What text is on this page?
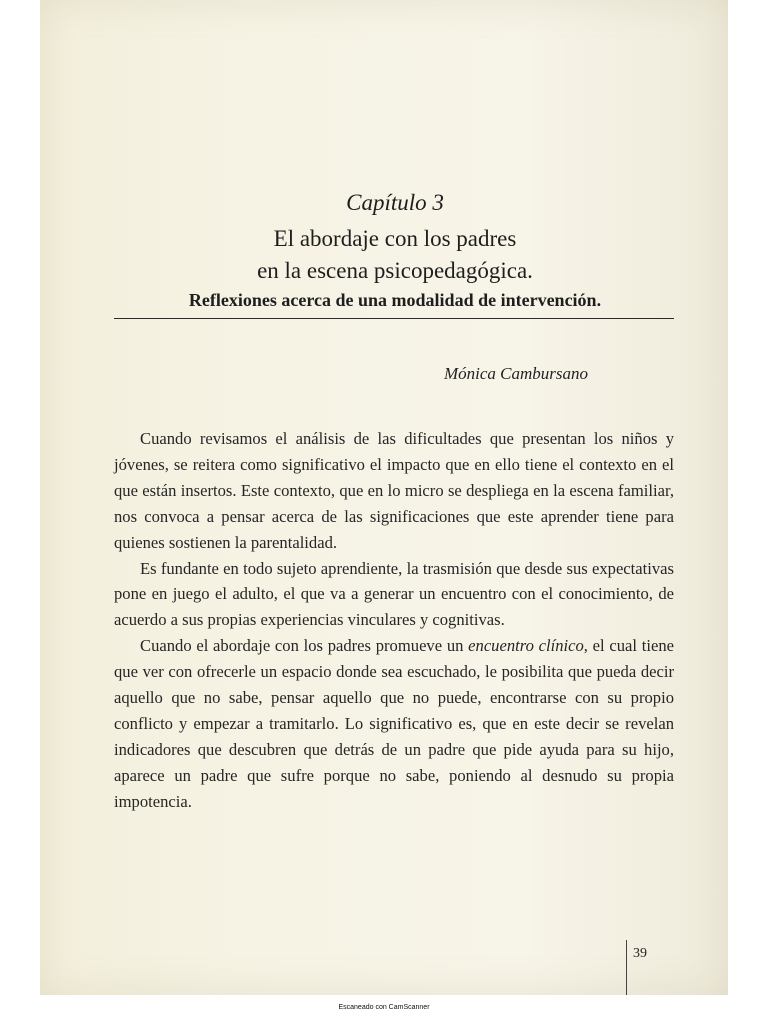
Capítulo 3
El abordaje con los padres
en la escena psicopedagógica.
Reflexiones acerca de una modalidad de intervención.
Mónica Cambursano

Cuando revisamos el análisis de las dificultades que presentan los niños y jóvenes, se reitera como significativo el impacto que en ello tiene el contexto en el que están insertos. Este contexto, que en lo micro se despliega en la escena familiar, nos convoca a pensar acerca de las significaciones que este aprender tiene para quienes sostienen la parentalidad.

Es fundante en todo sujeto aprendiente, la trasmisión que desde sus expectativas pone en juego el adulto, el que va a generar un encuentro con el conocimiento, de acuerdo a sus propias experiencias vinculares y cognitivas.

Cuando el abordaje con los padres promueve un encuentro clínico, el cual tiene que ver con ofrecerle un espacio donde sea escuchado, le posibilita que pueda decir aquello que no sabe, pensar aquello que no puede, encontrarse con su propio conflicto y empezar a tramitarlo. Lo significativo es, que en este decir se revelan indicadores que descubren que detrás de un padre que pide ayuda para su hijo, aparece un padre que sufre porque no sabe, poniendo al desnudo su propia impotencia.

39
Escaneado con CamScanner
